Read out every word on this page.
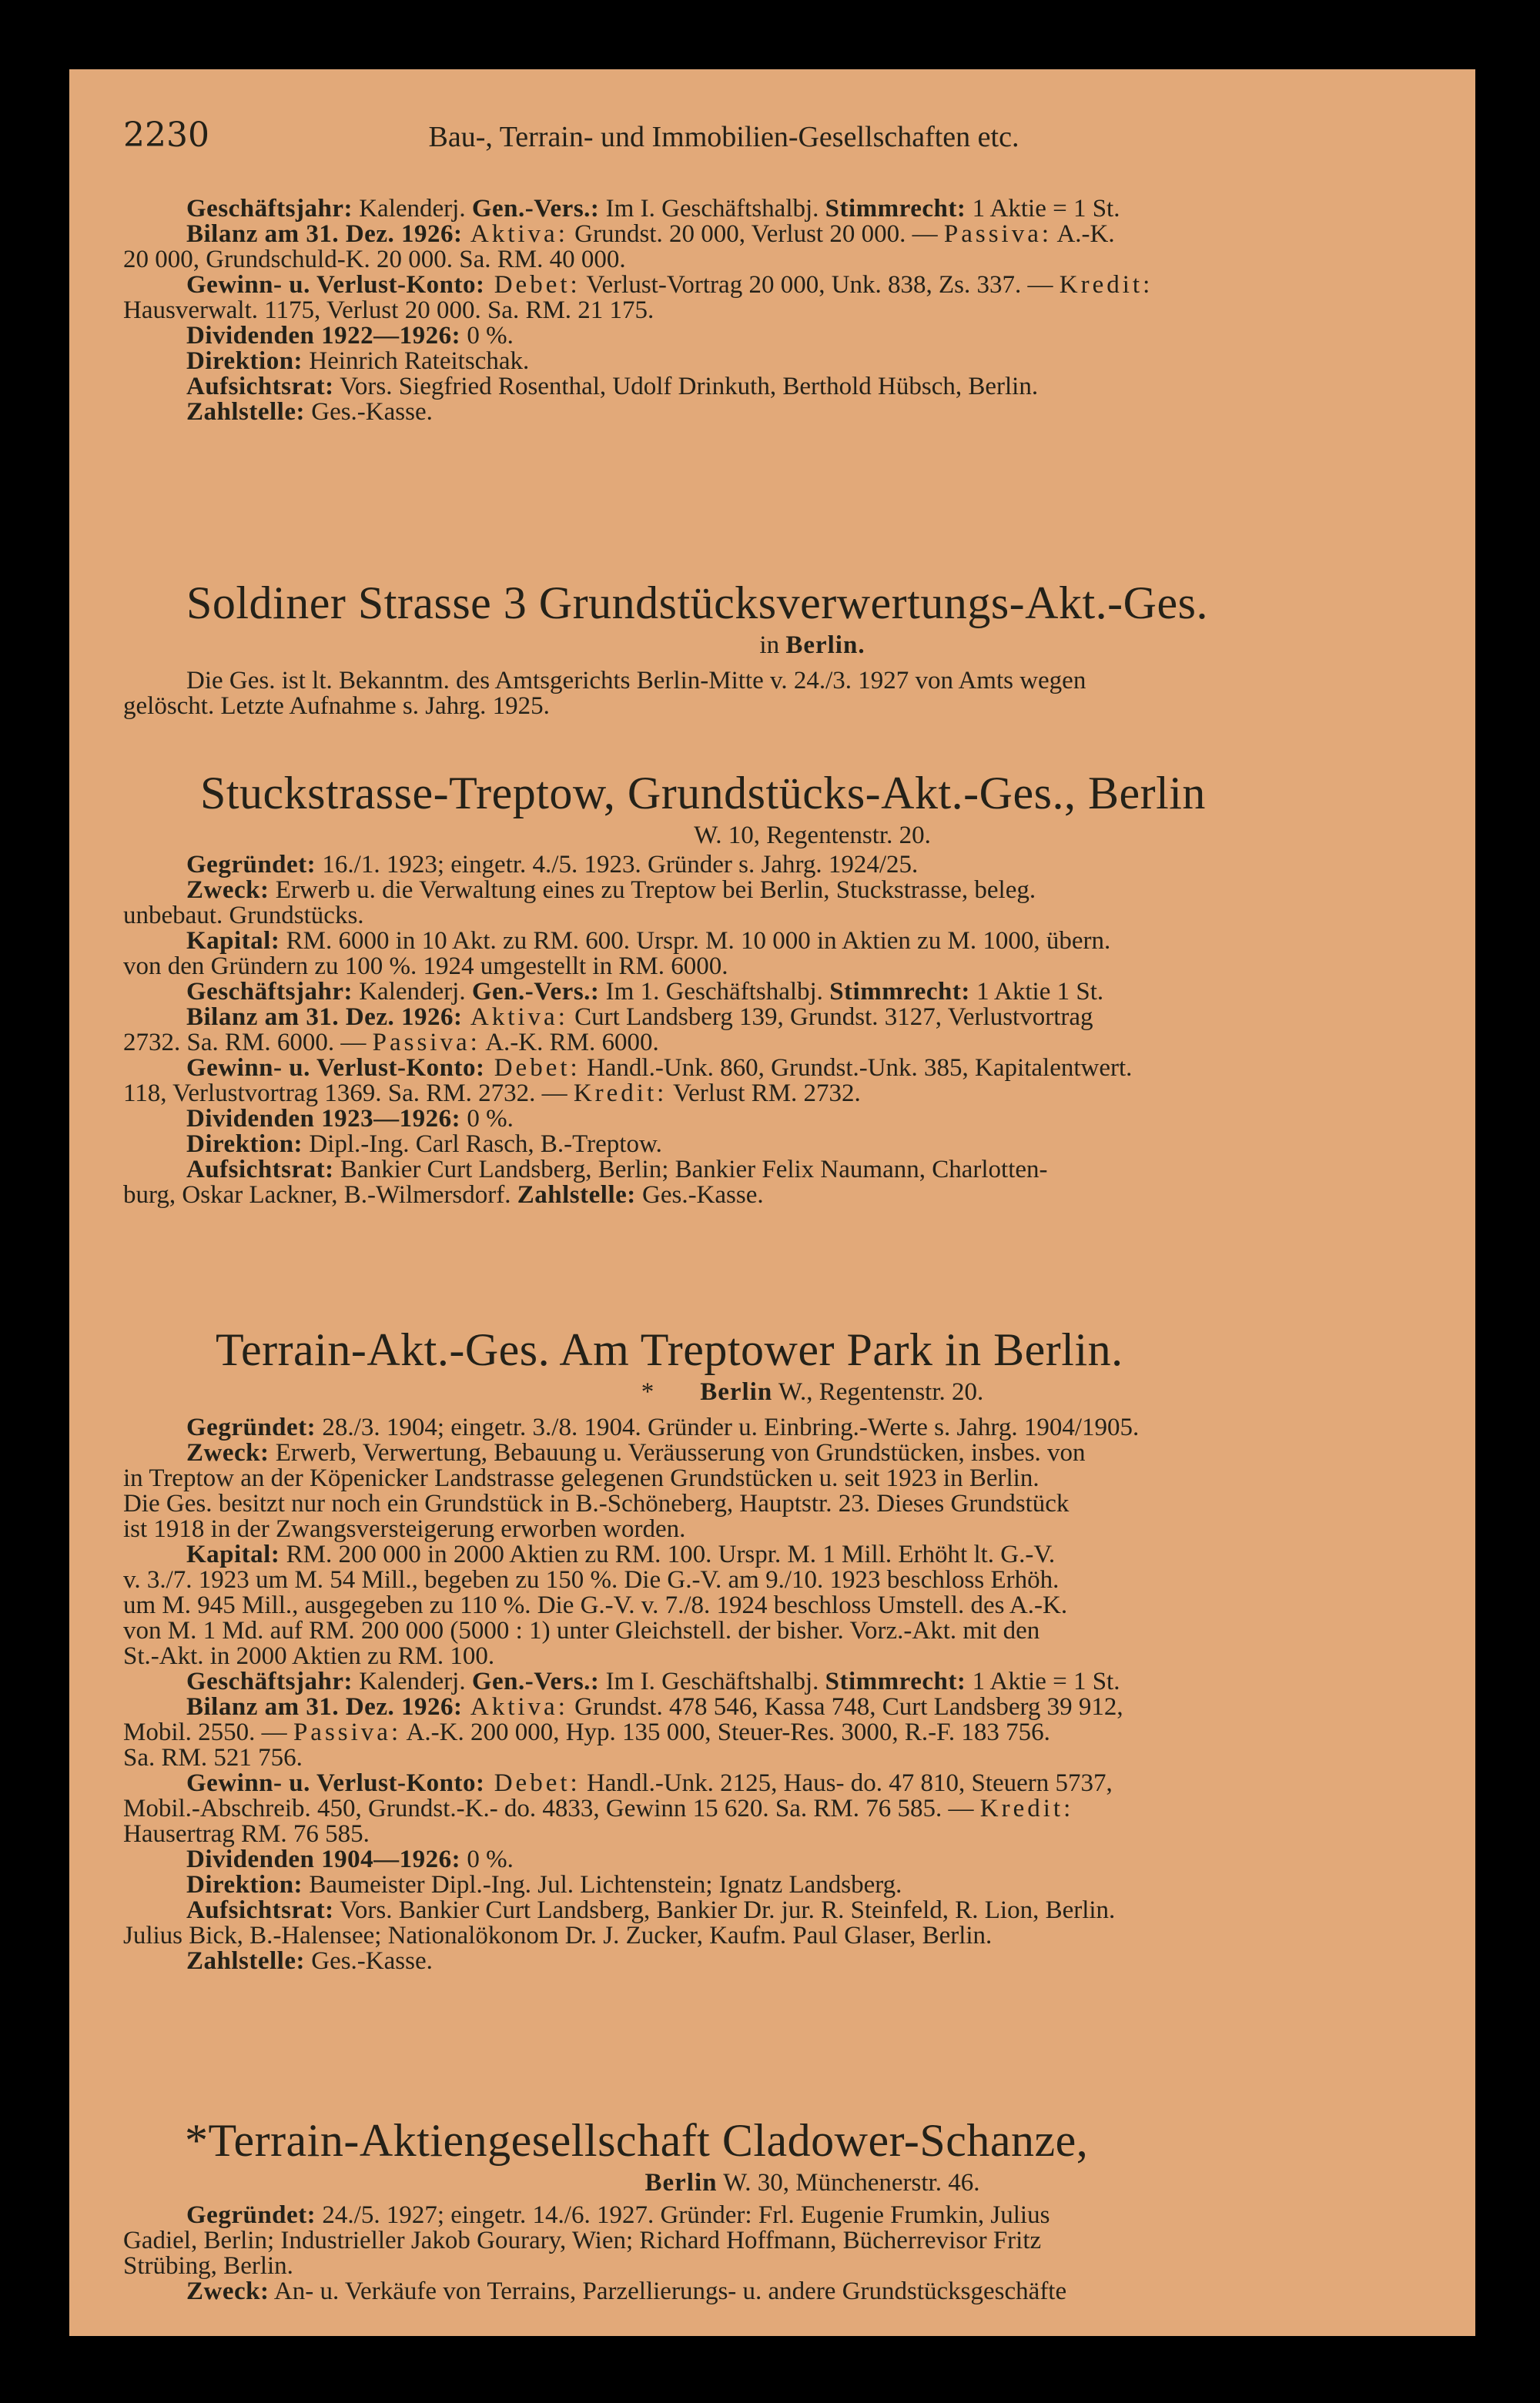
2230	Bau-, Terrain- und Immobilien-Gesellschaften etc.
Geschäftsjahr: Kalenderj. Gen.-Vers.: Im I. Geschäftshalbj. Stimmrecht: 1 Aktie = 1 St.
Bilanz am 31. Dez. 1926: Aktiva: Grundst. 20 000, Verlust 20 000. — Passiva: A.-K.
20 000, Grundschuld-K. 20 000. Sa. RM. 40 000.
Gewinn- u. Verlust-Konto: Debet: Verlust-Vortrag 20 000, Unk. 838, Zs. 337. — Kredit:
Hausverwalt. 1175, Verlust 20 000. Sa. RM. 21 175.
Dividenden 1922—1926: 0 %.
Direktion: Heinrich Rateitschak.
Aufsichtsrat: Vors. Siegfried Rosenthal, Udolf Drinkuth, Berthold Hübsch, Berlin.
Zahlstelle: Ges.-Kasse.
Soldiner Strasse 3 Grundstücksverwertungs-Akt.-Ges.
in Berlin.
Die Ges. ist lt. Bekanntm. des Amtsgerichts Berlin-Mitte v. 24./3. 1927 von Amts wegen
gelöscht. Letzte Aufnahme s. Jahrg. 1925.
Stuckstrasse-Treptow, Grundstücks-Akt.-Ges., Berlin
W. 10, Regentenstr. 20.
Gegründet: 16./1. 1923; eingetr. 4./5. 1923. Gründer s. Jahrg. 1924/25.
Zweck: Erwerb u. die Verwaltung eines zu Treptow bei Berlin, Stuckstrasse, beleg.
unbebaut. Grundstücks.
Kapital: RM. 6000 in 10 Akt. zu RM. 600. Urspr. M. 10 000 in Aktien zu M. 1000, übern.
von den Gründern zu 100 %. 1924 umgestellt in RM. 6000.
Geschäftsjahr: Kalenderj. Gen.-Vers.: Im 1. Geschäftshalbj. Stimmrecht: 1 Aktie 1 St.
Bilanz am 31. Dez. 1926: Aktiva: Curt Landsberg 139, Grundst. 3127, Verlustvortrag
2732. Sa. RM. 6000. — Passiva: A.-K. RM. 6000.
Gewinn- u. Verlust-Konto: Debet: Handl.-Unk. 860, Grundst.-Unk. 385, Kapitalentwert.
118, Verlustvortrag 1369. Sa. RM. 2732. — Kredit: Verlust RM. 2732.
Dividenden 1923—1926: 0 %.
Direktion: Dipl.-Ing. Carl Rasch, B.-Treptow.
Aufsichtsrat: Bankier Curt Landsberg, Berlin; Bankier Felix Naumann, Charlotten-
burg, Oskar Lackner, B.-Wilmersdorf. Zahlstelle: Ges.-Kasse.
Terrain-Akt.-Ges. Am Treptower Park in Berlin.
* Berlin W., Regentenstr. 20.
Gegründet: 28./3. 1904; eingetr. 3./8. 1904. Gründer u. Einbring.-Werte s. Jahrg. 1904/1905.
Zweck: Erwerb, Verwertung, Bebauung u. Veräusserung von Grundstücken, insbes. von
in Treptow an der Köpenicker Landstrasse gelegenen Grundstücken u. seit 1923 in Berlin.
Die Ges. besitzt nur noch ein Grundstück in B.-Schöneberg, Hauptstr. 23. Dieses Grundstück
ist 1918 in der Zwangsversteigerung erworben worden.
Kapital: RM. 200 000 in 2000 Aktien zu RM. 100. Urspr. M. 1 Mill. Erhöht lt. G.-V.
v. 3./7. 1923 um M. 54 Mill., begeben zu 150 %. Die G.-V. am 9./10. 1923 beschloss Erhöh.
um M. 945 Mill., ausgegeben zu 110 %. Die G.-V. v. 7./8. 1924 beschloss Umstell. des A.-K.
von M. 1 Md. auf RM. 200 000 (5000 : 1) unter Gleichstell. der bisher. Vorz.-Akt. mit den
St.-Akt. in 2000 Aktien zu RM. 100.
Geschäftsjahr: Kalenderj. Gen.-Vers.: Im I. Geschäftshalbj. Stimmrecht: 1 Aktie = 1 St.
Bilanz am 31. Dez. 1926: Aktiva: Grundst. 478 546, Kassa 748, Curt Landsberg 39 912,
Mobil. 2550. — Passiva: A.-K. 200 000, Hyp. 135 000, Steuer-Res. 3000, R.-F. 183 756.
Sa. RM. 521 756.
Gewinn- u. Verlust-Konto: Debet: Handl.-Unk. 2125, Haus- do. 47 810, Steuern 5737,
Mobil.-Abschreib. 450, Grundst.-K.- do. 4833, Gewinn 15 620. Sa. RM. 76 585. — Kredit:
Hausertrag RM. 76 585.
Dividenden 1904—1926: 0 %.
Direktion: Baumeister Dipl.-Ing. Jul. Lichtenstein; Ignatz Landsberg.
Aufsichtsrat: Vors. Bankier Curt Landsberg, Bankier Dr. jur. R. Steinfeld, R. Lion, Berlin.
Julius Bick, B.-Halensee; Nationalökonom Dr. J. Zucker, Kaufm. Paul Glaser, Berlin.
Zahlstelle: Ges.-Kasse.
*Terrain-Aktiengesellschaft Cladower-Schanze,
Berlin W. 30, Münchenerstr. 46.
Gegründet: 24./5. 1927; eingetr. 14./6. 1927. Gründer: Frl. Eugenie Frumkin, Julius
Gadiel, Berlin; Industrieller Jakob Gourary, Wien; Richard Hoffmann, Bücherrevisor Fritz
Strübing, Berlin.
Zweck: An- u. Verkäufe von Terrains, Parzellierungs- u. andere Grundstücksgeschäfte
